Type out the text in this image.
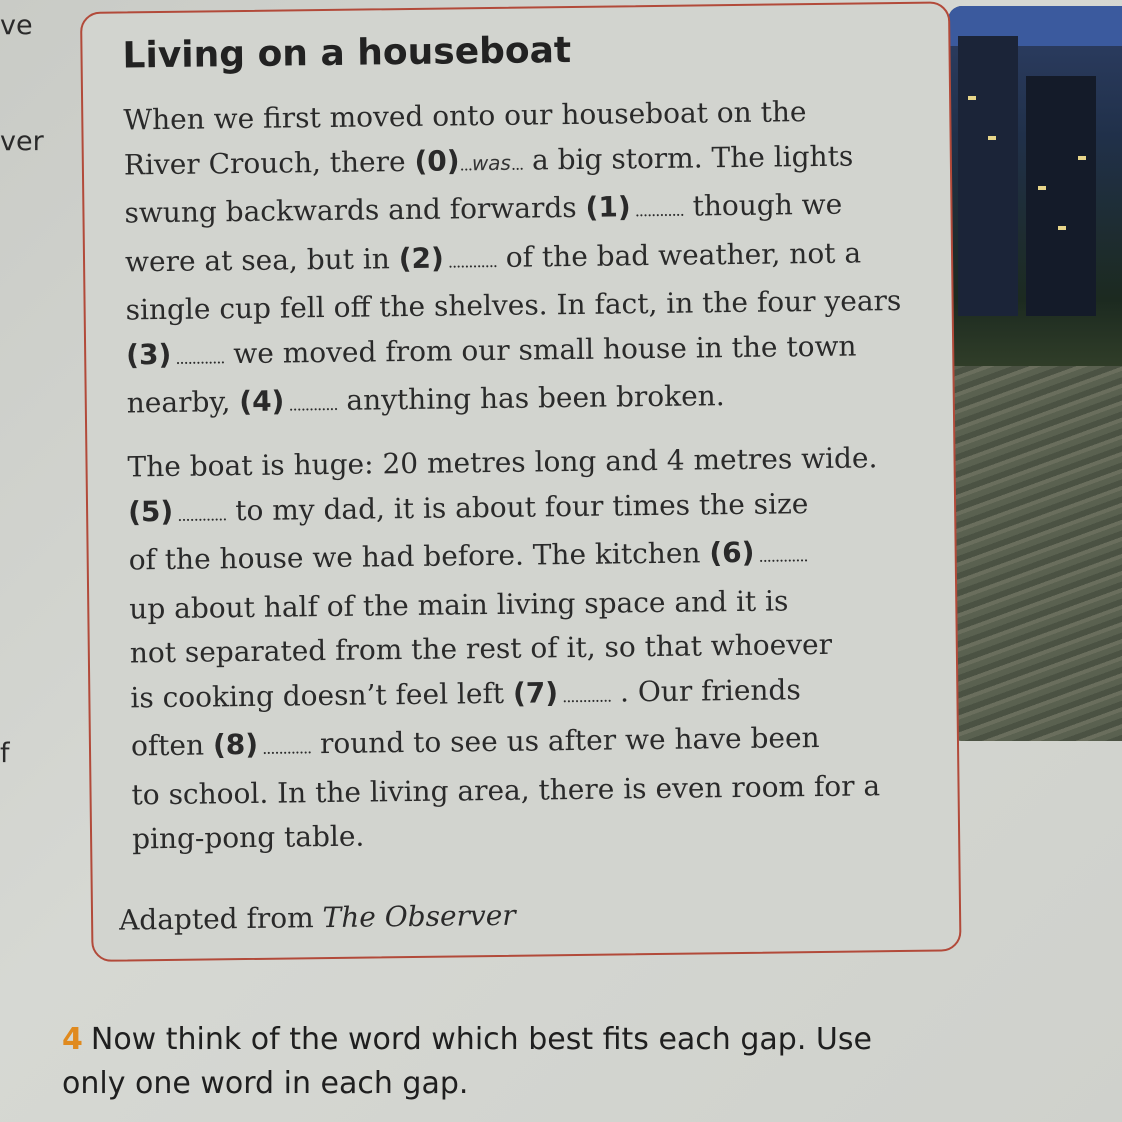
ve
ver
f
Living on a houseboat
When we first moved onto our houseboat on the
River Crouch, there (0)...was... a big storm. The lights
swung backwards and forwards (1) ............ though we
were at sea, but in (2) ............ of the bad weather, not a
single cup fell off the shelves. In fact, in the four years
(3) ............ we moved from our small house in the town
nearby, (4) ............ anything has been broken.
The boat is huge: 20 metres long and 4 metres wide.
(5) ............ to my dad, it is about four times the size
of the house we had before. The kitchen (6) ............
up about half of the main living space and it is
not separated from the rest of it, so that whoever
is cooking doesn’t feel left (7) ............ . Our friends
often (8) ............ round to see us after we have been
to school. In the living area, there is even room for a
ping-pong table.
Adapted from The Observer

4 Now think of the word which best fits each gap. Use only one word in each gap.
